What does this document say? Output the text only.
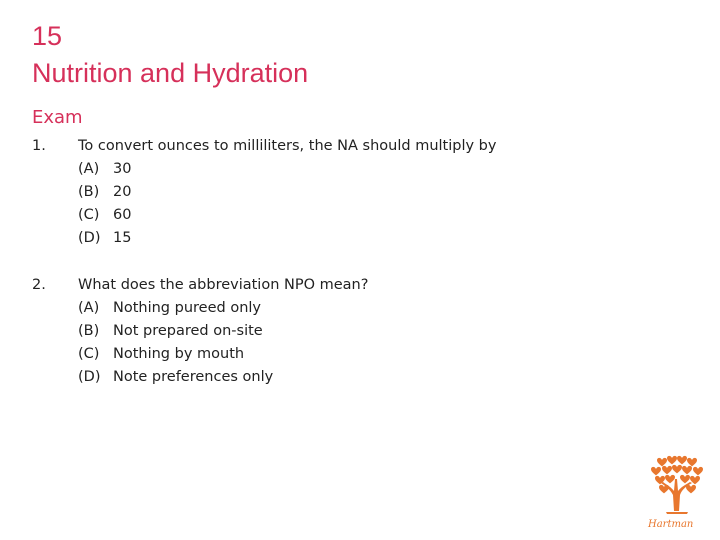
15
Nutrition and Hydration
Exam
1.	To convert ounces to milliliters, the NA should multiply by
(A) 30
(B) 20
(C) 60
(D) 15
2.	What does the abbreviation NPO mean?
(A) Nothing pureed only
(B) Not prepared on-site
(C) Nothing by mouth
(D) Note preferences only
Hartman
